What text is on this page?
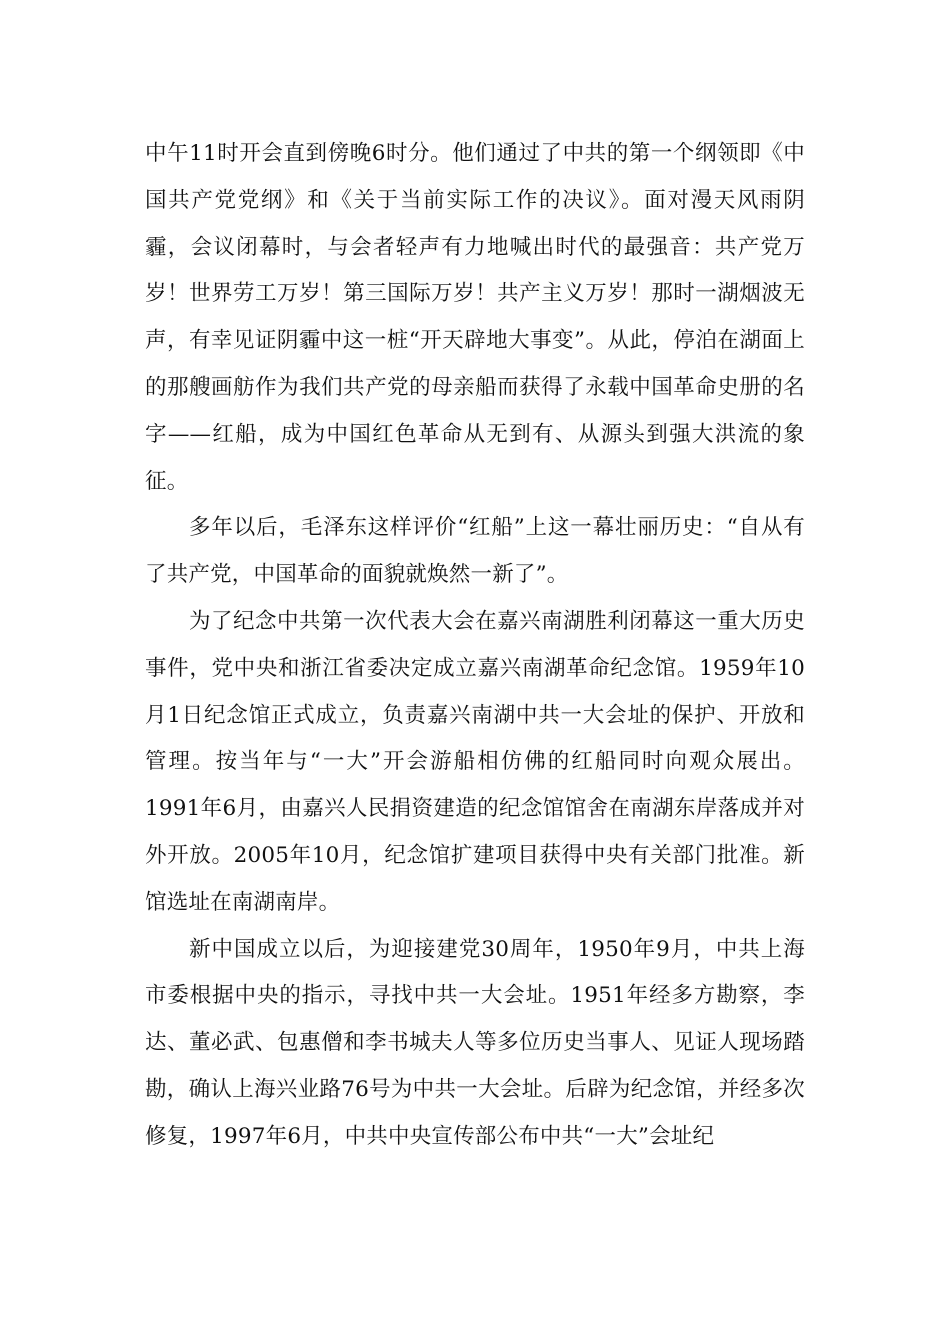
中午11时开会直到傍晚6时分。他们通过了中共的第一个纲领即《中国共产党党纲》和《关于当前实际工作的决议》。面对漫天风雨阴霾，会议闭幕时，与会者轻声有力地喊出时代的最强音：共产党万岁！世界劳工万岁！第三国际万岁！共产主义万岁！那时一湖烟波无声，有幸见证阴霾中这一桩“开天辟地大事变”。从此，停泊在湖面上的那艘画舫作为我们共产党的母亲船而获得了永载中国革命史册的名字——红船，成为中国红色革命从无到有、从源头到强大洪流的象征。

多年以后，毛泽东这样评价“红船”上这一幕壮丽历史：“自从有了共产党，中国革命的面貌就焕然一新了”。

为了纪念中共第一次代表大会在嘉兴南湖胜利闭幕这一重大历史事件，党中央和浙江省委决定成立嘉兴南湖革命纪念馆。1959年10月1日纪念馆正式成立，负责嘉兴南湖中共一大会址的保护、开放和管理。按当年与“一大”开会游船相仿佛的红船同时向观众展出。1991年6月，由嘉兴人民捐资建造的纪念馆馆舍在南湖东岸落成并对外开放。2005年10月，纪念馆扩建项目获得中央有关部门批准。新馆选址在南湖南岸。

新中国成立以后，为迎接建党30周年，1950年9月，中共上海市委根据中央的指示，寻找中共一大会址。1951年经多方勘察，李达、董必武、包惠僧和李书城夫人等多位历史当事人、见证人现场踏勘，确认上海兴业路76号为中共一大会址。后辟为纪念馆，并经多次修复，1997年6月，中共中央宣传部公布中共“一大”会址纪
